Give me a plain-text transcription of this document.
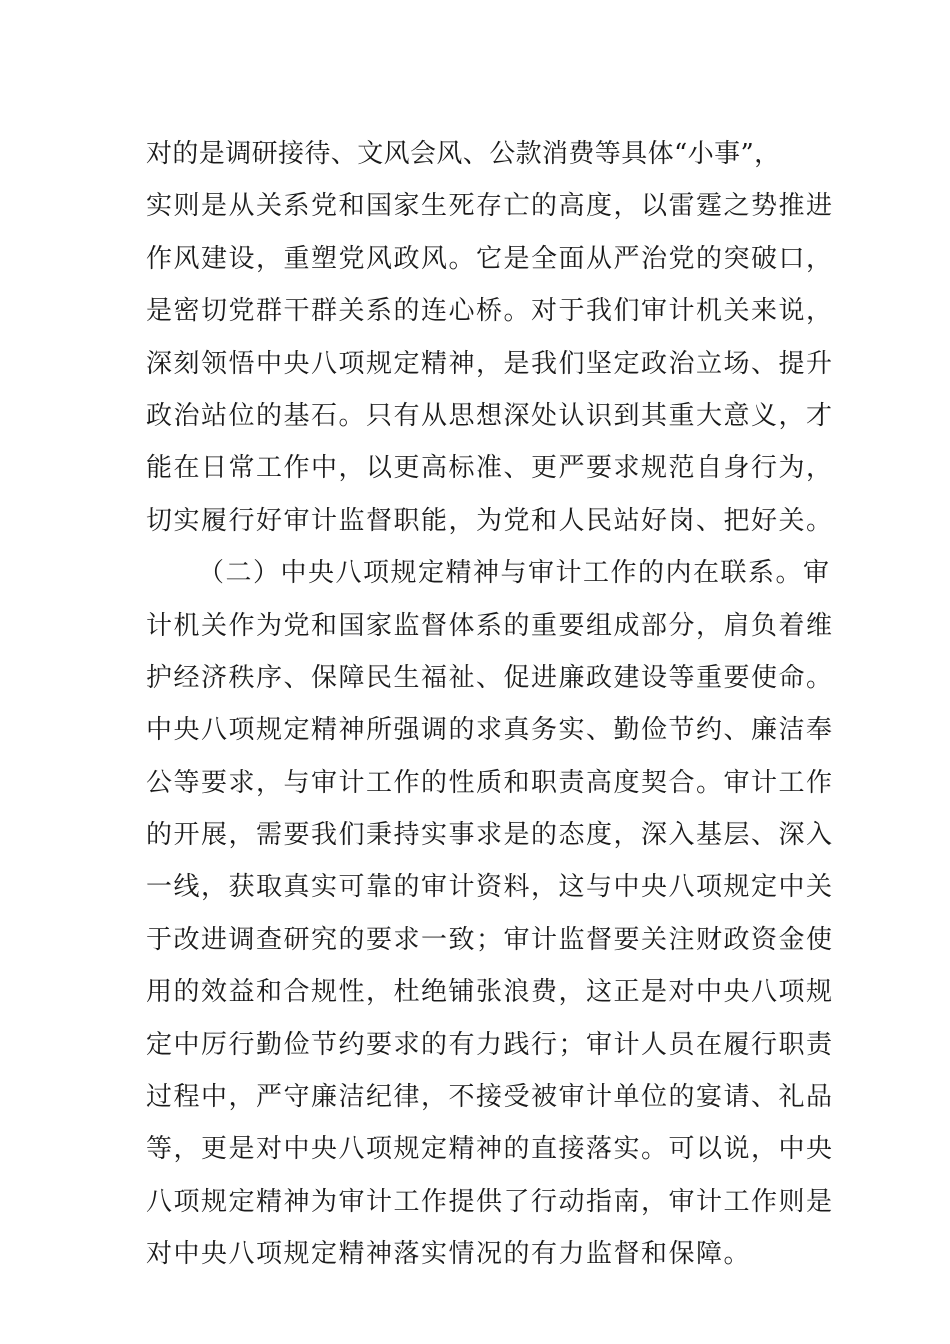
对的是调研接待、文风会风、公款消费等具体“小事”，
实则是从关系党和国家生死存亡的高度，以雷霆之势推进
作风建设，重塑党风政风。它是全面从严治党的突破口，
是密切党群干群关系的连心桥。对于我们审计机关来说，
深刻领悟中央八项规定精神，是我们坚定政治立场、提升
政治站位的基石。只有从思想深处认识到其重大意义，才
能在日常工作中，以更高标准、更严要求规范自身行为，
切实履行好审计监督职能，为党和人民站好岗、把好关。
（二）中央八项规定精神与审计工作的内在联系。审
计机关作为党和国家监督体系的重要组成部分，肩负着维
护经济秩序、保障民生福祉、促进廉政建设等重要使命。
中央八项规定精神所强调的求真务实、勤俭节约、廉洁奉
公等要求，与审计工作的性质和职责高度契合。审计工作
的开展，需要我们秉持实事求是的态度，深入基层、深入
一线，获取真实可靠的审计资料，这与中央八项规定中关
于改进调查研究的要求一致；审计监督要关注财政资金使
用的效益和合规性，杜绝铺张浪费，这正是对中央八项规
定中厉行勤俭节约要求的有力践行；审计人员在履行职责
过程中，严守廉洁纪律，不接受被审计单位的宴请、礼品
等，更是对中央八项规定精神的直接落实。可以说，中央
八项规定精神为审计工作提供了行动指南，审计工作则是
对中央八项规定精神落实情况的有力监督和保障。
